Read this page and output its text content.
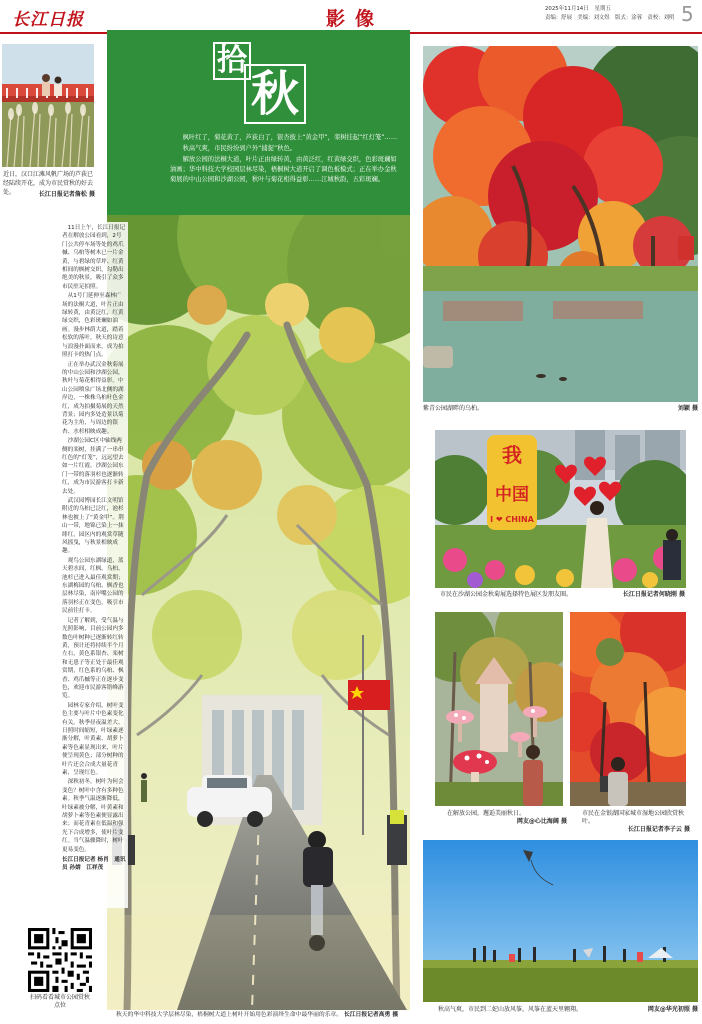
长江日报	影像	2025年11月14日 星期五
责编：舒展　美编：刘文煜　版式：涂蓉　责校：刘明 5
近日，汉口江滩风帆广场的芦荻已经陆续开花，成为市民赏秋的好去处。	长江日报记者詹松 摄
扫码看看城市公园赏秋点位
拾
秋

枫叶红了，菊花黄了，芦荻白了，银杏披上“黄金甲”，栾树挂起“红灯笼”……

秋高气爽，市民纷纷到户外“捕捉”秋色。

解放公园的法桐大道，叶片正由绿转黄，由黄泛红，红黄绿交织，色彩斑斓如油画；华中科技大学校园层林尽染，梧桐树大道开启了调色板模式；正在举办金秋菊展的中山公园和沙湖公园，秋叶与菊花相得益彰……江城秋韵，五彩斑斓。

11日上午，长江日报记者在解放公园看到，2号门公共停车场等处的鸡爪槭、乌桕等树木已一片金黄，与碧绿的草坪、红黄相间的枫树交织，勾勒出绝美的秋景，吸引了众多市民驻足拍照。

从1号门延伸至森林广场的法桐大道，叶片正由绿转黄，由黄泛红，红黄绿交织，色彩斑斓如油画。漫步林荫大道，踏着松软的落叶，秋天的诗意与浪漫扑面而来，成为拍照打卡的热门点。

正在举办武汉金秋菊展的中山公园和沙湖公园，秋叶与菊花相得益彰。中山公园喷泉广场北侧的湖岸边，一株株乌桕叶色金红，成为拍摄菊展的天然背景；园内多处造景以菊花为主角，与周边的银杏、水杉相映成趣。

沙湖公园C区中轴线两侧的栾树，挂满了一串串红色的“灯笼”，远远望去如一片红霞。沙湖公园东门一带的落羽杉也逐渐转红，成为市民游客打卡新去处。

武汉园博园长江文明馆附近的乌桕已泛红，池杉林也披上了“黄金甲”。荆山一带，地锦已染上一抹绯红，园区内的观赏草随风摇曳，与秋景相映成趣。

观鸟公园东湖绿道，蓝天碧水间，红枫、乌桕、池杉已进入最佳观赏期；东湖梅园的乌桕、枫香也层林尽染，南岸嘴公园的落羽杉正在变色，吸引市民前往打卡。

记者了解到，受气温与光照影响，目前公园内多数色叶树种已逐渐转红转黄，预计还将持续半个月左右，黄色系银杏、栾树和无患子等正处于最佳观赏期，红色系的乌桕、枫香、鸡爪槭等正在逐步变色，欢迎市民游客错峰游览。

园林专家介绍，树叶变色主要与叶片中色素变化有关。秋季昼夜温差大、日照时间缩短，叶绿素逐渐分解，叶黄素、胡萝卜素等色素显现出来，叶片便呈现黄色；部分树种的叶片还会合成大量花青素，呈现红色。

深秋初冬，树叶为何会变色？树叶中含有多种色素。秋季气温逐渐降低，叶绿素被分解，叶黄素和胡萝卜素等色素便显露出来；而花青素在低温和强光下合成增多，使叶片变红。当气温骤降时，树叶更易变色。

长江日报记者 杨肖　通讯员 孙婧　江祥茂
秋天的华中科技大学层林尽染，梧桐树大道上树叶开始用色彩演绎生命中最华丽的乐章。 长江日报记者高勇 摄
紫青公园湖畔的乌桕。	刘颖 摄
我
中国
I ❤ CHINA
市民在沙湖公园金秋菊展选择特色展区发朋友圈。	长江日报记者何晓刚 摄
在解放公园，邂逅美丽秋日。
网友@心比海阔 摄
市民在金银湖国家城市湿地公园欣赏秋叶。
长江日报记者李子云 摄
秋高气爽，市民到二妃山放风筝，风筝在蓝天里翱翔。	网友@华光初照 摄
